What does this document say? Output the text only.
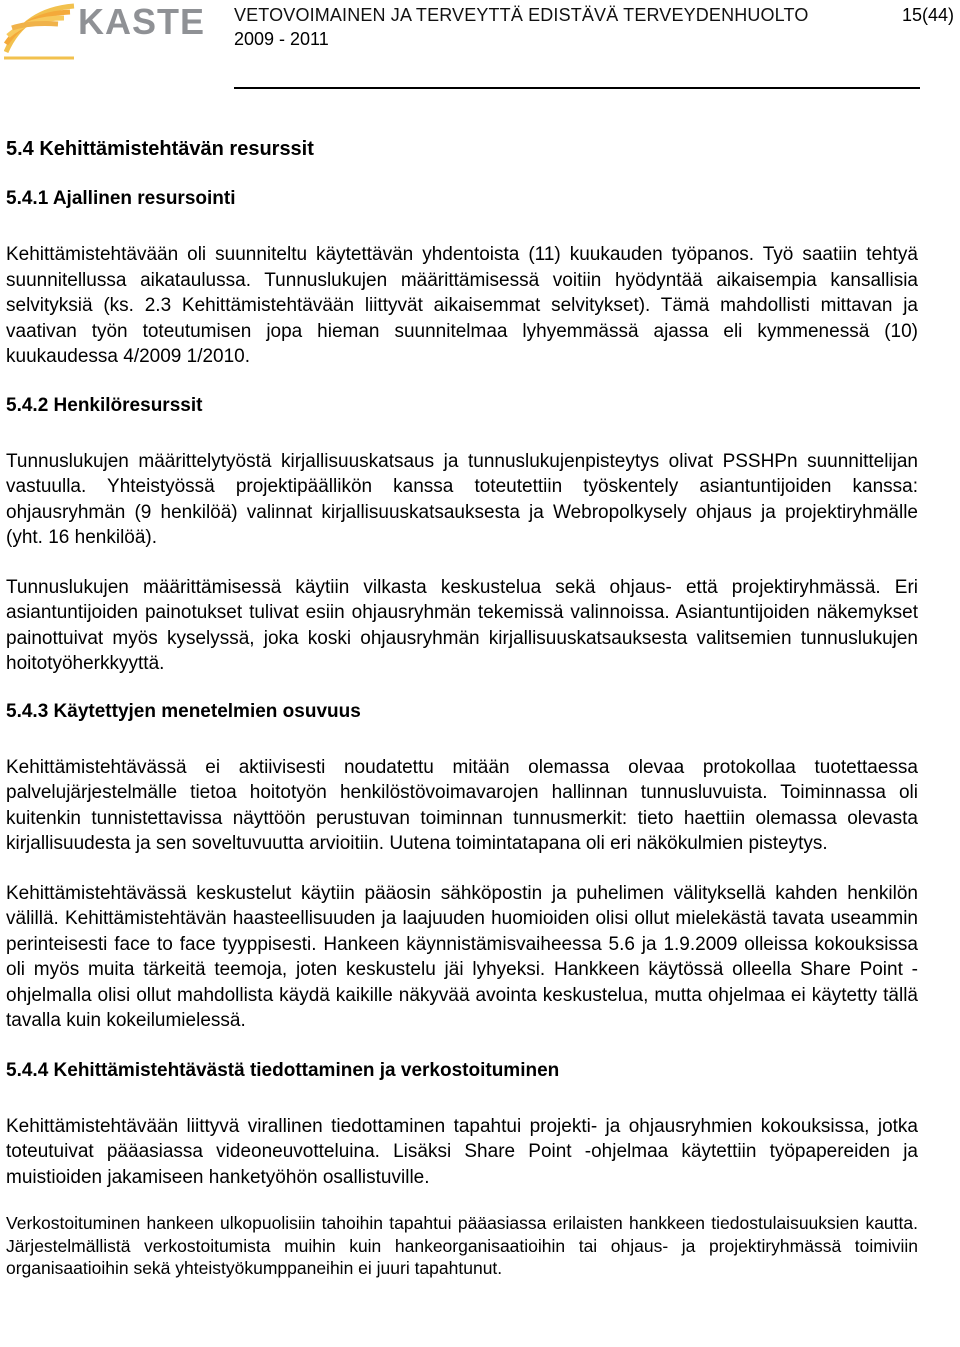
KASTE VETOVOIMAINEN JA TERVEYTTÄ EDISTÄVÄ TERVEYDENHUOLTO	15(44)
2009 - 2011
5.4 Kehittämistehtävän resurssit
5.4.1 Ajallinen resursointi

Kehittämistehtävään oli suunniteltu käytettävän yhdentoista (11) kuukauden työpanos. Työ saatiin tehtyä suunnitellussa aikataulussa. Tunnuslukujen määrittämisessä voitiin hyödyntää aikaisempia kansallisia selvityksiä (ks. 2.3 Kehittämistehtävään liittyvät aikaisemmat selvitykset). Tämä mahdollisti mittavan ja vaativan työn toteutumisen jopa hieman suunnitelmaa lyhyemmässä ajassa eli kymmenessä (10) kuukaudessa 4/2009 1/2010.

5.4.2 Henkilöresurssit

Tunnuslukujen määrittelytyöstä kirjallisuuskatsaus ja tunnuslukujenpisteytys olivat PSSHPn suunnittelijan vastuulla. Yhteistyössä projektipäällikön kanssa toteutettiin työskentely asiantuntijoiden kanssa: ohjausryhmän (9 henkilöä) valinnat kirjallisuuskatsauksesta ja Webropolkysely ohjaus ja projektiryhmälle (yht. 16 henkilöä).

Tunnuslukujen määrittämisessä käytiin vilkasta keskustelua sekä ohjaus- että projektiryhmässä. Eri asiantuntijoiden painotukset tulivat esiin ohjausryhmän tekemissä valinnoissa. Asiantuntijoiden näkemykset painottuivat myös kyselyssä, joka koski ohjausryhmän kirjallisuuskatsauksesta valitsemien tunnuslukujen hoitotyöherkkyyttä.

5.4.3 Käytettyjen menetelmien osuvuus

Kehittämistehtävässä ei aktiivisesti noudatettu mitään olemassa olevaa protokollaa tuotettaessa palvelujärjestelmälle tietoa hoitotyön henkilöstövoimavarojen hallinnan tunnusluvuista. Toiminnassa oli kuitenkin tunnistettavissa näyttöön perustuvan toiminnan tunnusmerkit: tieto haettiin olemassa olevasta kirjallisuudesta ja sen soveltuvuutta arvioitiin. Uutena toimintatapana oli eri näkökulmien pisteytys.

Kehittämistehtävässä keskustelut käytiin pääosin sähköpostin ja puhelimen välityksellä kahden henkilön välillä. Kehittämistehtävän haasteellisuuden ja laajuuden huomioiden olisi ollut mielekästä tavata useammin perinteisesti face to face tyyppisesti. Hankeen käynnistämisvaiheessa 5.6 ja 1.9.2009 olleissa kokouksissa oli myös muita tärkeitä teemoja, joten keskustelu jäi lyhyeksi. Hankkeen käytössä olleella Share Point -ohjelmalla olisi ollut mahdollista käydä kaikille näkyvää avointa keskustelua, mutta ohjelmaa ei käytetty tällä tavalla kuin kokeilumielessä.

5.4.4 Kehittämistehtävästä tiedottaminen ja verkostoituminen

Kehittämistehtävään liittyvä virallinen tiedottaminen tapahtui projekti- ja ohjausryhmien kokouksissa, jotka toteutuivat pääasiassa videoneuvotteluina. Lisäksi Share Point -ohjelmaa käytettiin työpapereiden ja muistioiden jakamiseen hanketyöhön osallistuville.

Verkostoituminen hankeen ulkopuolisiin tahoihin tapahtui pääasiassa erilaisten hankkeen tiedostulaisuuksien kautta. Järjestelmällistä verkostoitumista muihin kuin hankeorganisaatioihin tai ohjaus- ja projektiryhmässä toimiviin organisaatioihin sekä yhteistyökumppaneihin ei juuri tapahtunut.
